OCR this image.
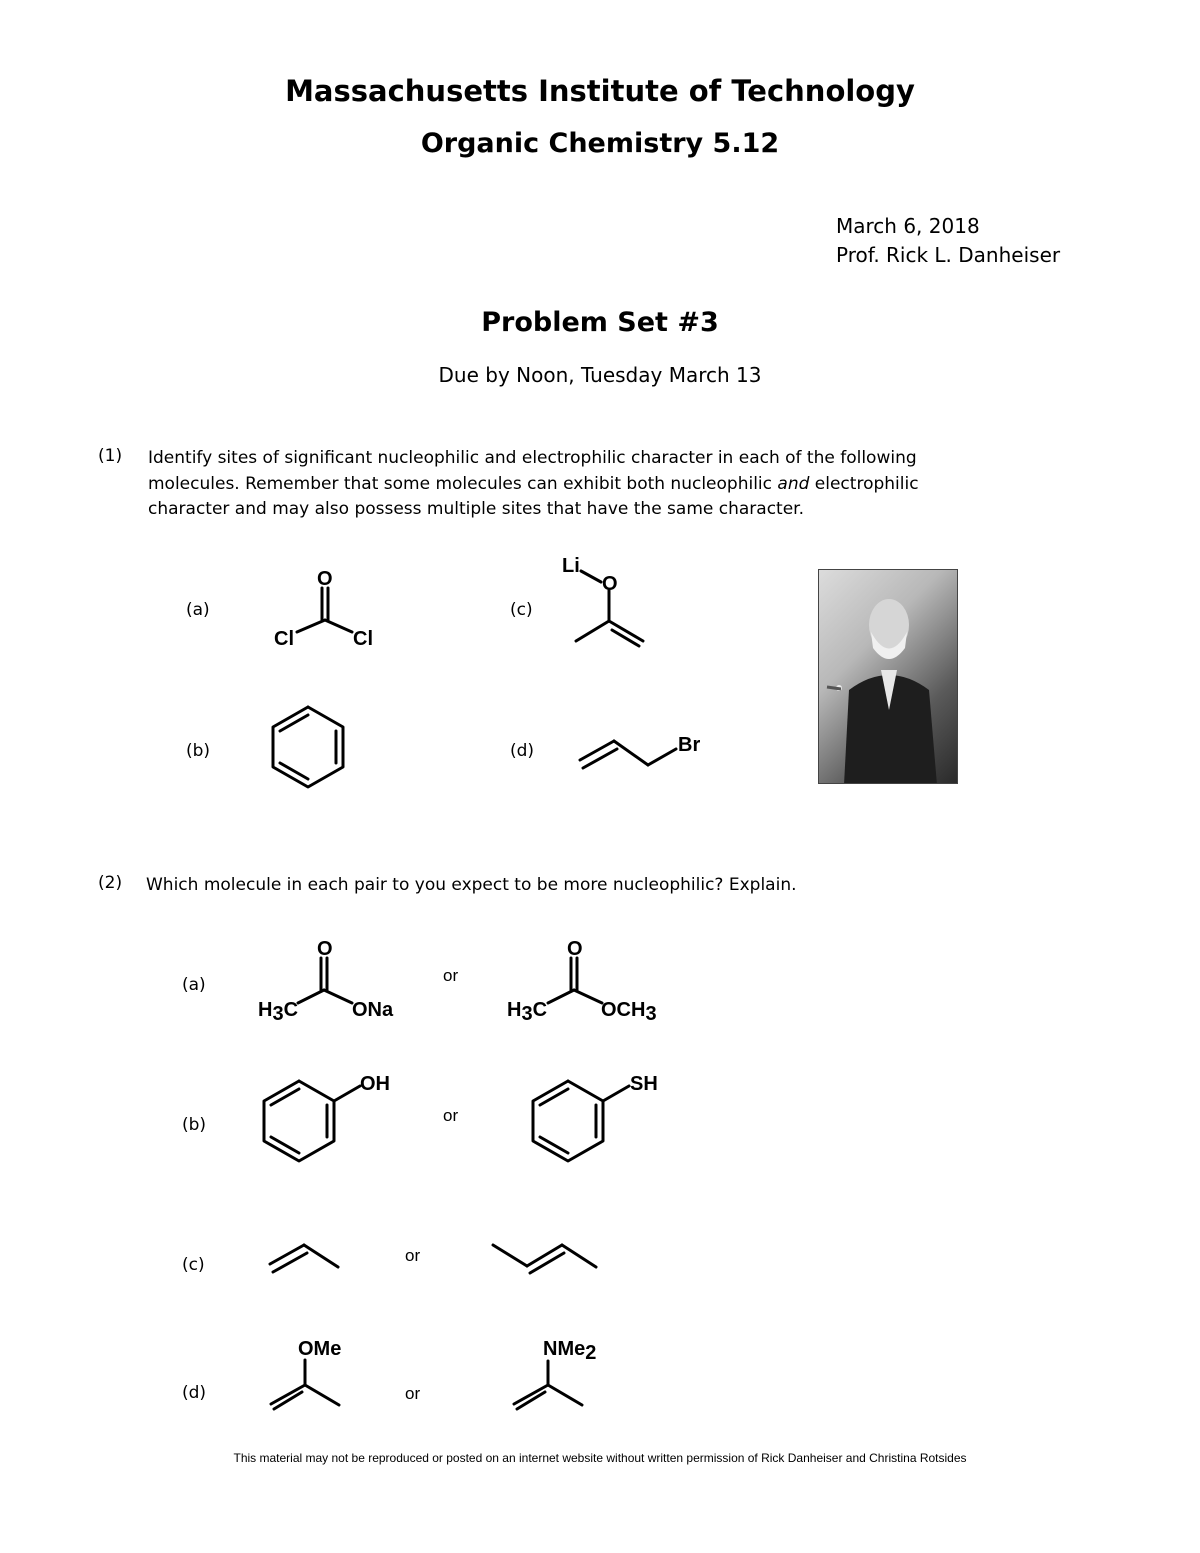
Massachusetts Institute of Technology
Organic Chemistry 5.12
March 6, 2018
Prof. Rick L. Danheiser
Problem Set #3
Due by Noon, Tuesday March 13
(1) Identify sites of significant nucleophilic and electrophilic character in each of the following molecules. Remember that some molecules can exhibit both nucleophilic and electrophilic character and may also possess multiple sites that have the same character.
(a)
(b)
(c)
(d)
O
Cl	Cl
Li
O
Br
(2) Which molecule in each pair to you expect to be more nucleophilic? Explain.
(a)
(b)
(c)
(d)
or
or
or
or
O
H3C	ONa
O
H3C	OCH3
OH	SH
OMe	NMe2
This material may not be reproduced or posted on an internet website without written permission of Rick Danheiser and Christina Rotsides
